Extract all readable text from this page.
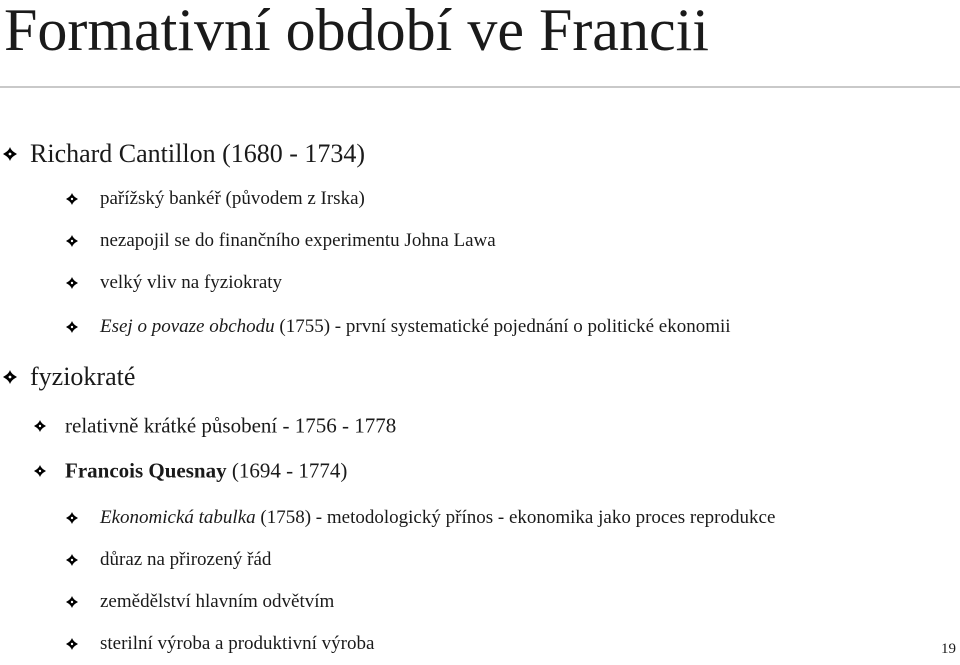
Formativní období ve Francii
Richard Cantillon (1680 - 1734)
pařížský bankéř (původem z Irska)
nezapojil se do finančního experimentu Johna Lawa
velký vliv na fyziokraty
Esej o povaze obchodu (1755) - první systematické pojednání o politické ekonomii
fyziokraté
relativně krátké působení - 1756 - 1778
Francois Quesnay (1694 - 1774)
Ekonomická tabulka (1758) - metodologický přínos - ekonomika jako proces reprodukce
důraz na přirozený řád
zemědělství hlavním odvětvím
sterilní výroba a produktivní výroba	19
